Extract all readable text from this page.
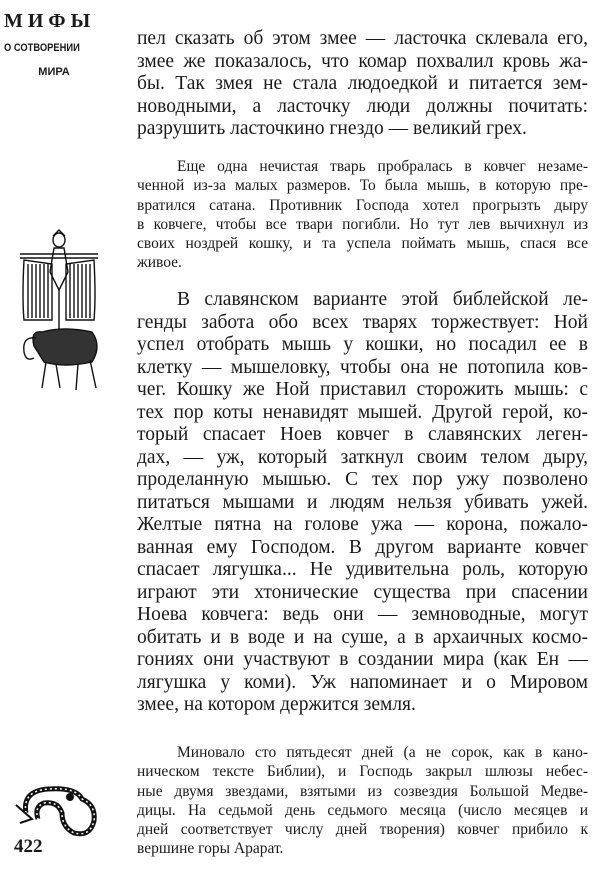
МИФЫ
О СОТВОРЕНИИ
МИРА
пел сказать об этом змее — ласточка склевала его,
змее же показалось, что комар похвалил кровь жа-
бы. Так змея не стала людоедкой и питается зем-
новодными, а ласточку люди должны почитать:
разрушить ласточкино гнездо — великий грех.
Еще одна нечистая тварь пробралась в ковчег незаме-
ченной из-за малых размеров. То была мышь, в которую пре-
вратился сатана. Противник Господа хотел прогрызть дыру
в ковчеге, чтобы все твари погибли. Но тут лев вычихнул из
своих ноздрей кошку, и та успела поймать мышь, спася все
живое.
В славянском варианте этой библейской ле-
генды забота обо всех тварях торжествует: Ной
успел отобрать мышь у кошки, но посадил ее в
клетку — мышеловку, чтобы она не потопила ков-
чег. Кошку же Ной приставил сторожить мышь: с
тех пор коты ненавидят мышей. Другой герой, ко-
торый спасает Ноев ковчег в славянских леген-
дах, — уж, который заткнул своим телом дыру,
проделанную мышью. С тех пор ужу позволено
питаться мышами и людям нельзя убивать ужей.
Желтые пятна на голове ужа — корона, пожало-
ванная ему Господом. В другом варианте ковчег
спасает лягушка... Не удивительна роль, которую
играют эти хтонические существа при спасении
Ноева ковчега: ведь они — земноводные, могут
обитать и в воде и на суше, а в архаичных космо-
гониях они участвуют в создании мира (как Ен —
лягушка у коми). Уж напоминает и о Мировом
змее, на котором держится земля.
Миновало сто пятьдесят дней (а не сорок, как в кано-
ническом тексте Библии), и Господь закрыл шлюзы небес-
ные двумя звездами, взятыми из созвездия Большой Медве-
дицы. На седьмой день седьмого месяца (число месяцев и
дней соответствует числу дней творения) ковчег прибило к
вершине горы Арарат.
422
